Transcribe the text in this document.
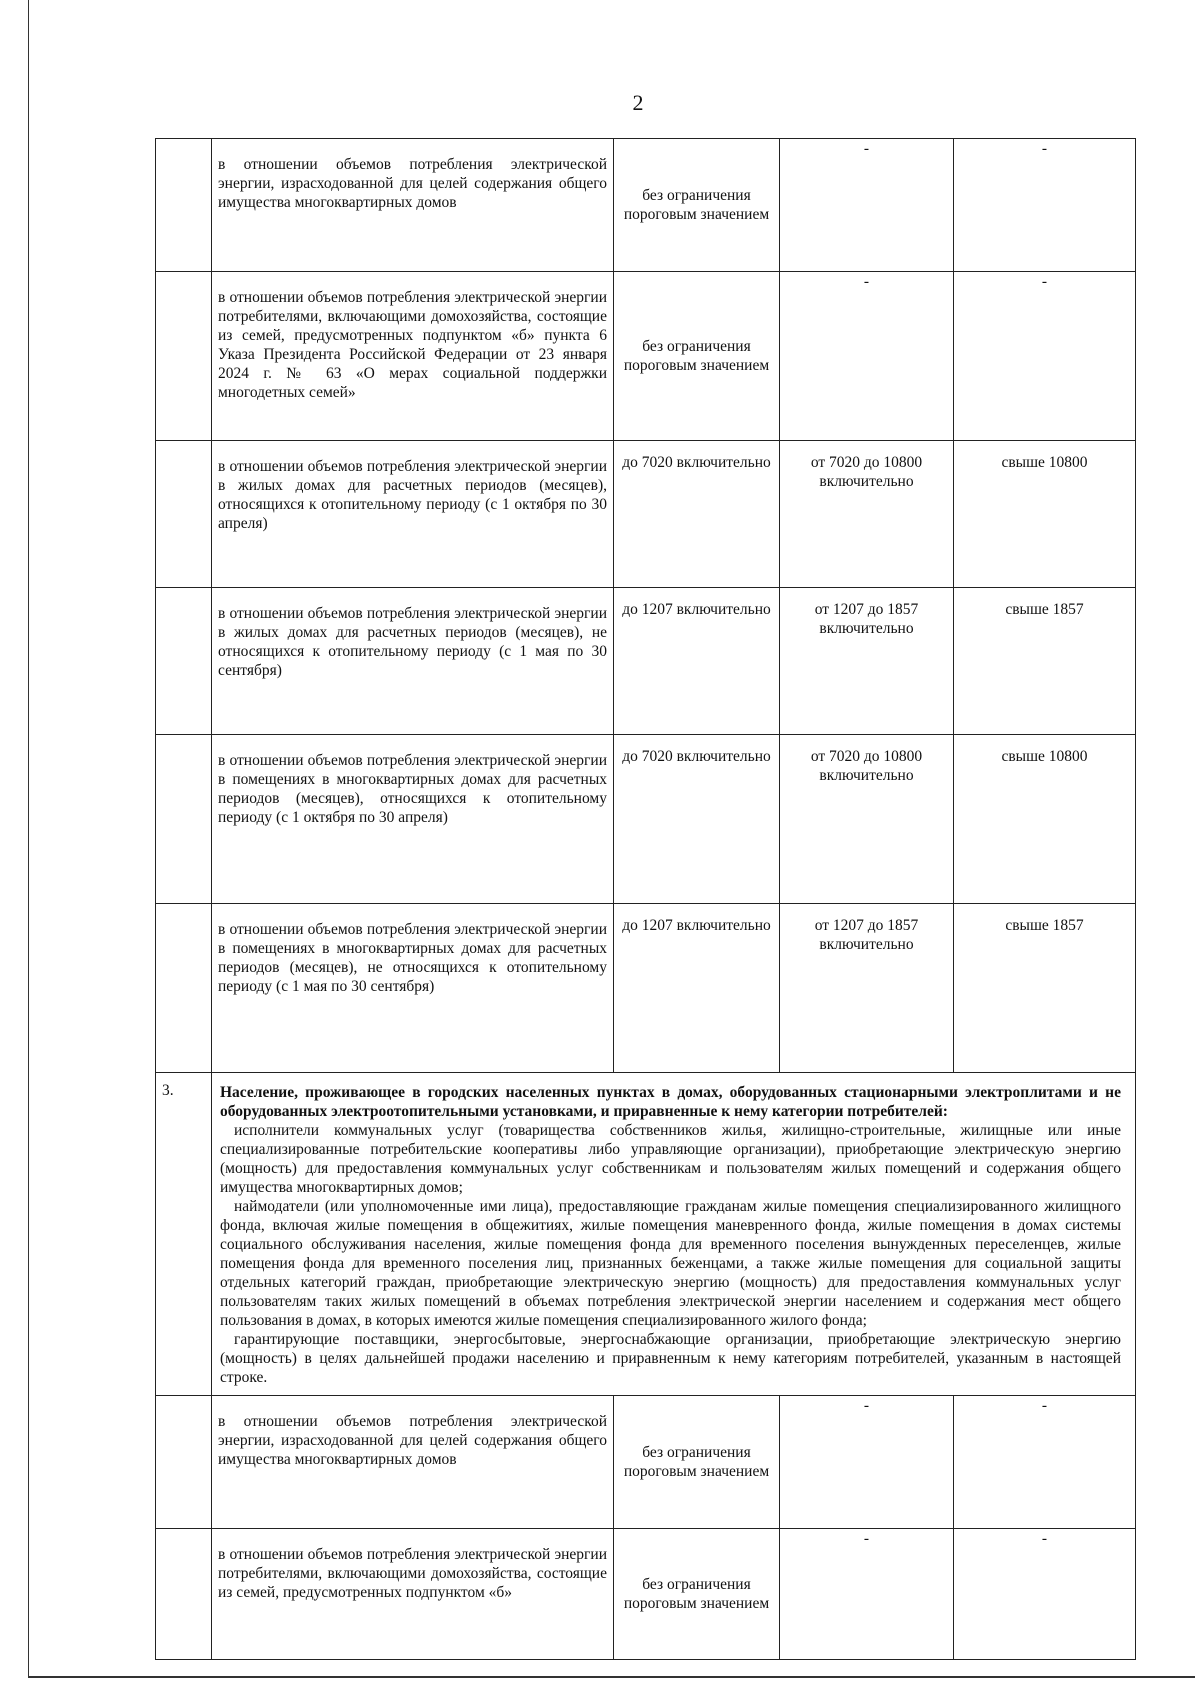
2
	в отношении объемов потребления электрической энергии, израсходованной для целей содержания общего имущества многоквартирных домов	без ограничения пороговым значением	-	-
	в отношении объемов потребления электрической энергии потребителями, включающими домохозяйства, состоящие из семей, предусмотренных подпунктом «б» пункта 6 Указа Президента Российской Федерации от 23 января 2024 г. № 63 «О мерах социальной поддержки многодетных семей»	без ограничения пороговым значением	-	-
	в отношении объемов потребления электрической энергии в жилых домах для расчетных периодов (месяцев), относящихся к отопительному периоду (с 1 октября по 30 апреля)	до 7020 включительно	от 7020 до 10800 включительно	свыше 10800
	в отношении объемов потребления электрической энергии в жилых домах для расчетных периодов (месяцев), не относящихся к отопительному периоду (с 1 мая по 30 сентября)	до 1207 включительно	от 1207 до 1857 включительно	свыше 1857
	в отношении объемов потребления электрической энергии в помещениях в многоквартирных домах для расчетных периодов (месяцев), относящихся к отопительному периоду (с 1 октября по 30 апреля)	до 7020 включительно	от 7020 до 10800 включительно	свыше 10800
	в отношении объемов потребления электрической энергии в помещениях в многоквартирных домах для расчетных периодов (месяцев), не относящихся к отопительному периоду (с 1 мая по 30 сентября)	до 1207 включительно	от 1207 до 1857 включительно	свыше 1857
3.	Население, проживающее в городских населенных пунктах в домах, оборудованных стационарными электроплитами и не оборудованных электроотопительными установками, и приравненные к нему категории потребителей:

исполнители коммунальных услуг (товарищества собственников жилья, жилищно-строительные, жилищные или иные специализированные потребительские кооперативы либо управляющие организации), приобретающие электрическую энергию (мощность) для предоставления коммунальных услуг собственникам и пользователям жилых помещений и содержания общего имущества многоквартирных домов;

наймодатели (или уполномоченные ими лица), предоставляющие гражданам жилые помещения специализированного жилищного фонда, включая жилые помещения в общежитиях, жилые помещения маневренного фонда, жилые помещения в домах системы социального обслуживания населения, жилые помещения фонда для временного поселения вынужденных переселенцев, жилые помещения фонда для временного поселения лиц, признанных беженцами, а также жилые помещения для социальной защиты отдельных категорий граждан, приобретающие электрическую энергию (мощность) для предоставления коммунальных услуг пользователям таких жилых помещений в объемах потребления электрической энергии населением и содержания мест общего пользования в домах, в которых имеются жилые помещения специализированного жилого фонда;

гарантирующие поставщики, энергосбытовые, энергоснабжающие организации, приобретающие электрическую энергию (мощность) в целях дальнейшей продажи населению и приравненным к нему категориям потребителей, указанным в настоящей строке.			

	в отношении объемов потребления электрической энергии, израсходованной для целей содержания общего имущества многоквартирных домов	без ограничения пороговым значением	-	-
	в отношении объемов потребления электрической энергии потребителями, включающими домохозяйства, состоящие из семей, предусмотренных подпунктом «б»	без ограничения пороговым значением	-	-
